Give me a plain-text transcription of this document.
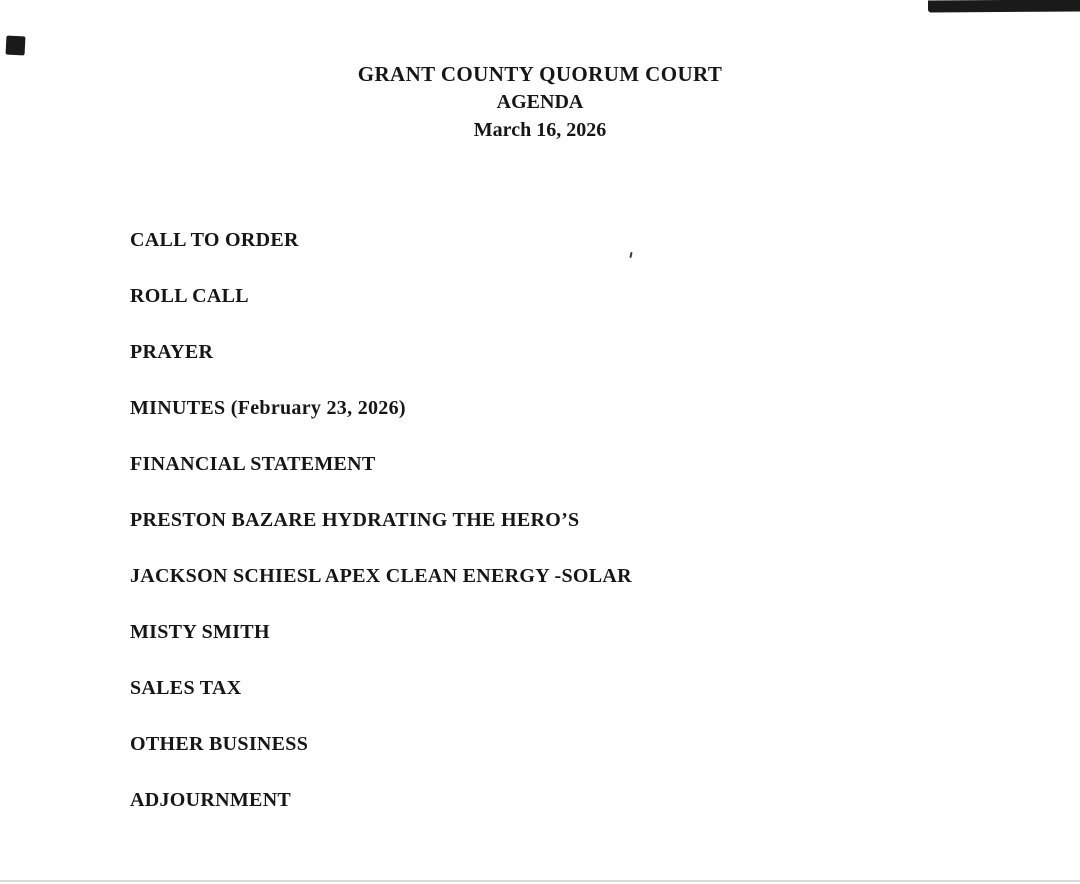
GRANT COUNTY QUORUM COURT
AGENDA
March 16, 2026
CALL TO ORDER
ROLL CALL
PRAYER
MINUTES (February 23, 2026)
FINANCIAL STATEMENT
PRESTON BAZARE HYDRATING THE HERO’S
JACKSON SCHIESL APEX CLEAN ENERGY -SOLAR
MISTY SMITH
SALES TAX
OTHER BUSINESS
ADJOURNMENT
